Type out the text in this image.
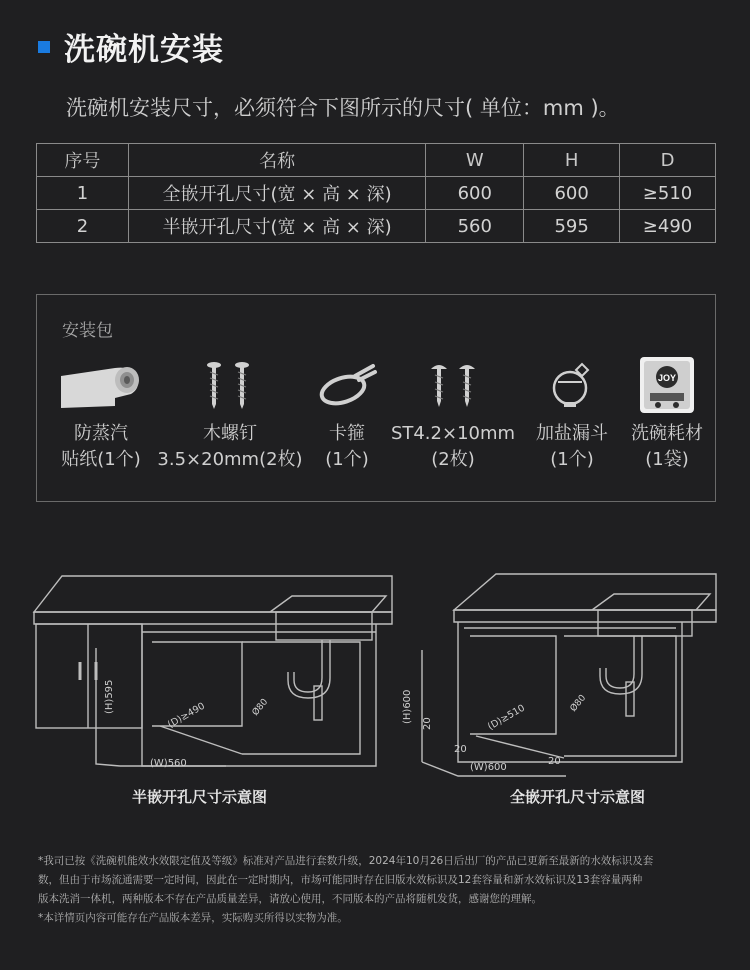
洗碗机安装
洗碗机安装尺寸，必须符合下图所示的尺寸( 单位：mm )。
序号	名称	W	H	D
1	全嵌开孔尺寸(宽 × 高 × 深)	600	600	≥510
2	半嵌开孔尺寸(宽 × 高 × 深)	560	595	≥490
安装包
防蒸汽
贴纸(1个)
木螺钉
3.5×20mm(2枚)
卡箍
(1个)
ST4.2×10mm
(2枚)
加盐漏斗
(1个)
JOY
洗碗耗材
(1袋)
(H)595
(D)≥490
(W)560
Ø80	(H)600	(D)≥510
(W)600
Ø80
20
20
20
半嵌开孔尺寸示意图	全嵌开孔尺寸示意图
*我司已按《洗碗机能效水效限定值及等级》标准对产品进行套数升级，2024年10月26日后出厂的产品已更新至最新的水效标识及套
数，但由于市场流通需要一定时间，因此在一定时期内，市场可能同时存在旧版水效标识及12套容量和新水效标识及13套容量两种
版本洗消一体机，两种版本不存在产品质量差异，请放心使用，不同版本的产品将随机发货，感谢您的理解。
*本详情页内容可能存在产品版本差异，实际购买所得以实物为准。
